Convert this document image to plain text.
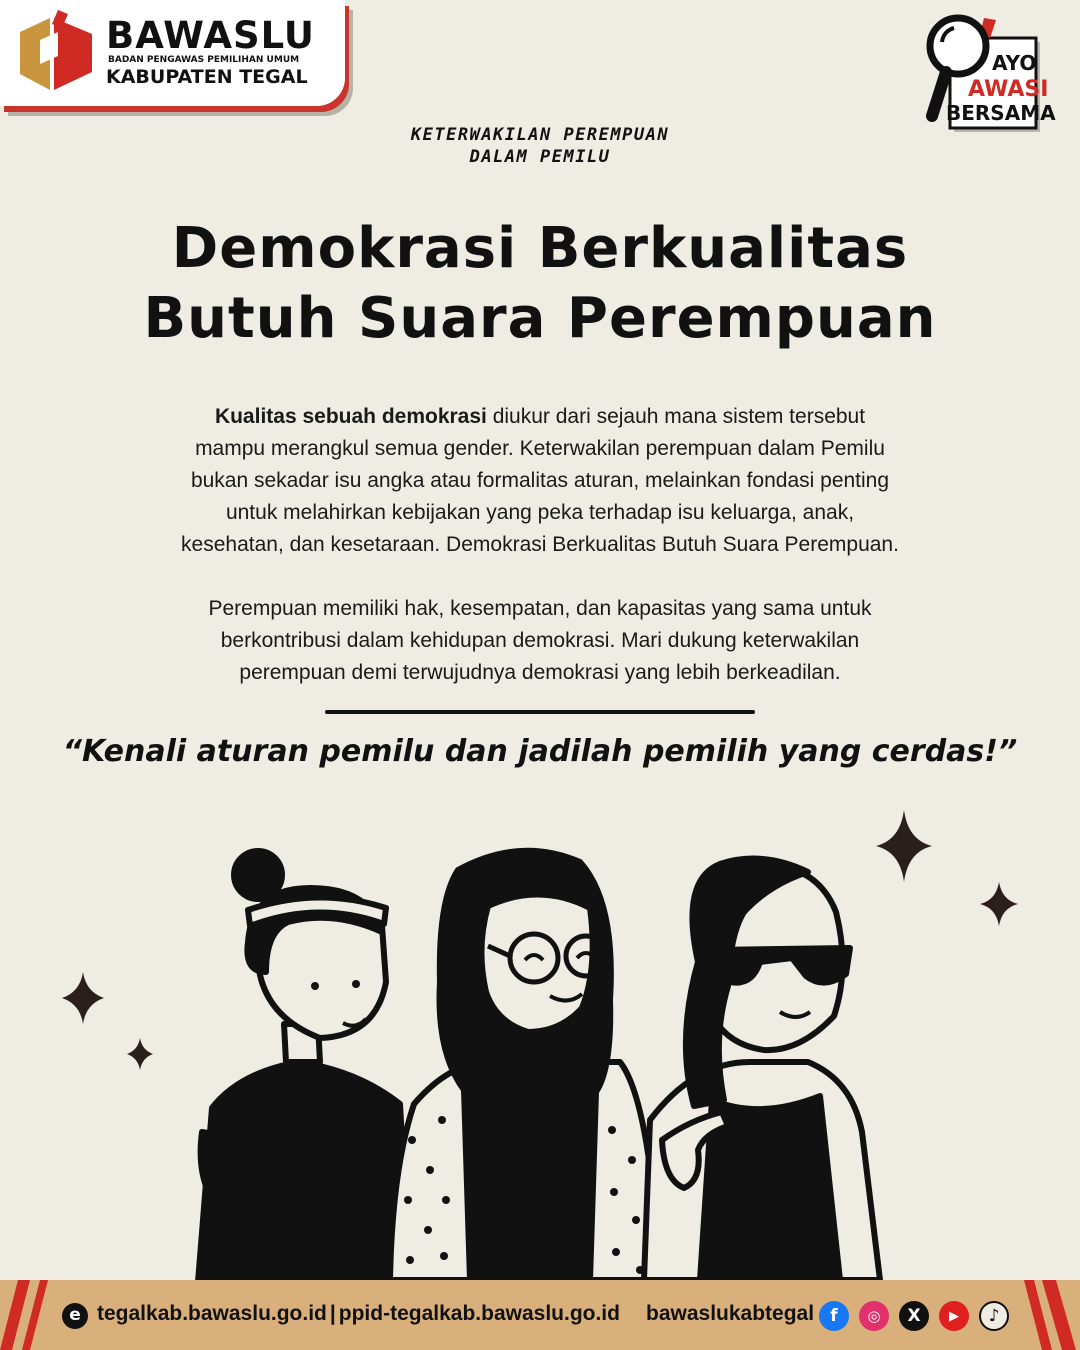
BAWASLU
BADAN PENGAWAS PEMILIHAN UMUM
KABUPATEN TEGAL
AYO
AWASI
BERSAMA
KETERWAKILAN PEREMPUAN
DALAM PEMILU
Demokrasi Berkualitas
Butuh Suara Perempuan
Kualitas sebuah demokrasi diukur dari sejauh mana sistem tersebut
mampu merangkul semua gender. Keterwakilan perempuan dalam Pemilu
bukan sekadar isu angka atau formalitas aturan, melainkan fondasi penting
untuk melahirkan kebijakan yang peka terhadap isu keluarga, anak,
kesehatan, dan kesetaraan. Demokrasi Berkualitas Butuh Suara Perempuan.
Perempuan memiliki hak, kesempatan, dan kapasitas yang sama untuk
berkontribusi dalam kehidupan demokrasi. Mari dukung keterwakilan
perempuan demi terwujudnya demokrasi yang lebih berkeadilan.
“Kenali aturan pemilu dan jadilah pemilih yang cerdas!”
e tegalkab.bawaslu.go.id | ppid-tegalkab.bawaslu.go.id bawaslukabtegal f	◎	X	▶	♪
